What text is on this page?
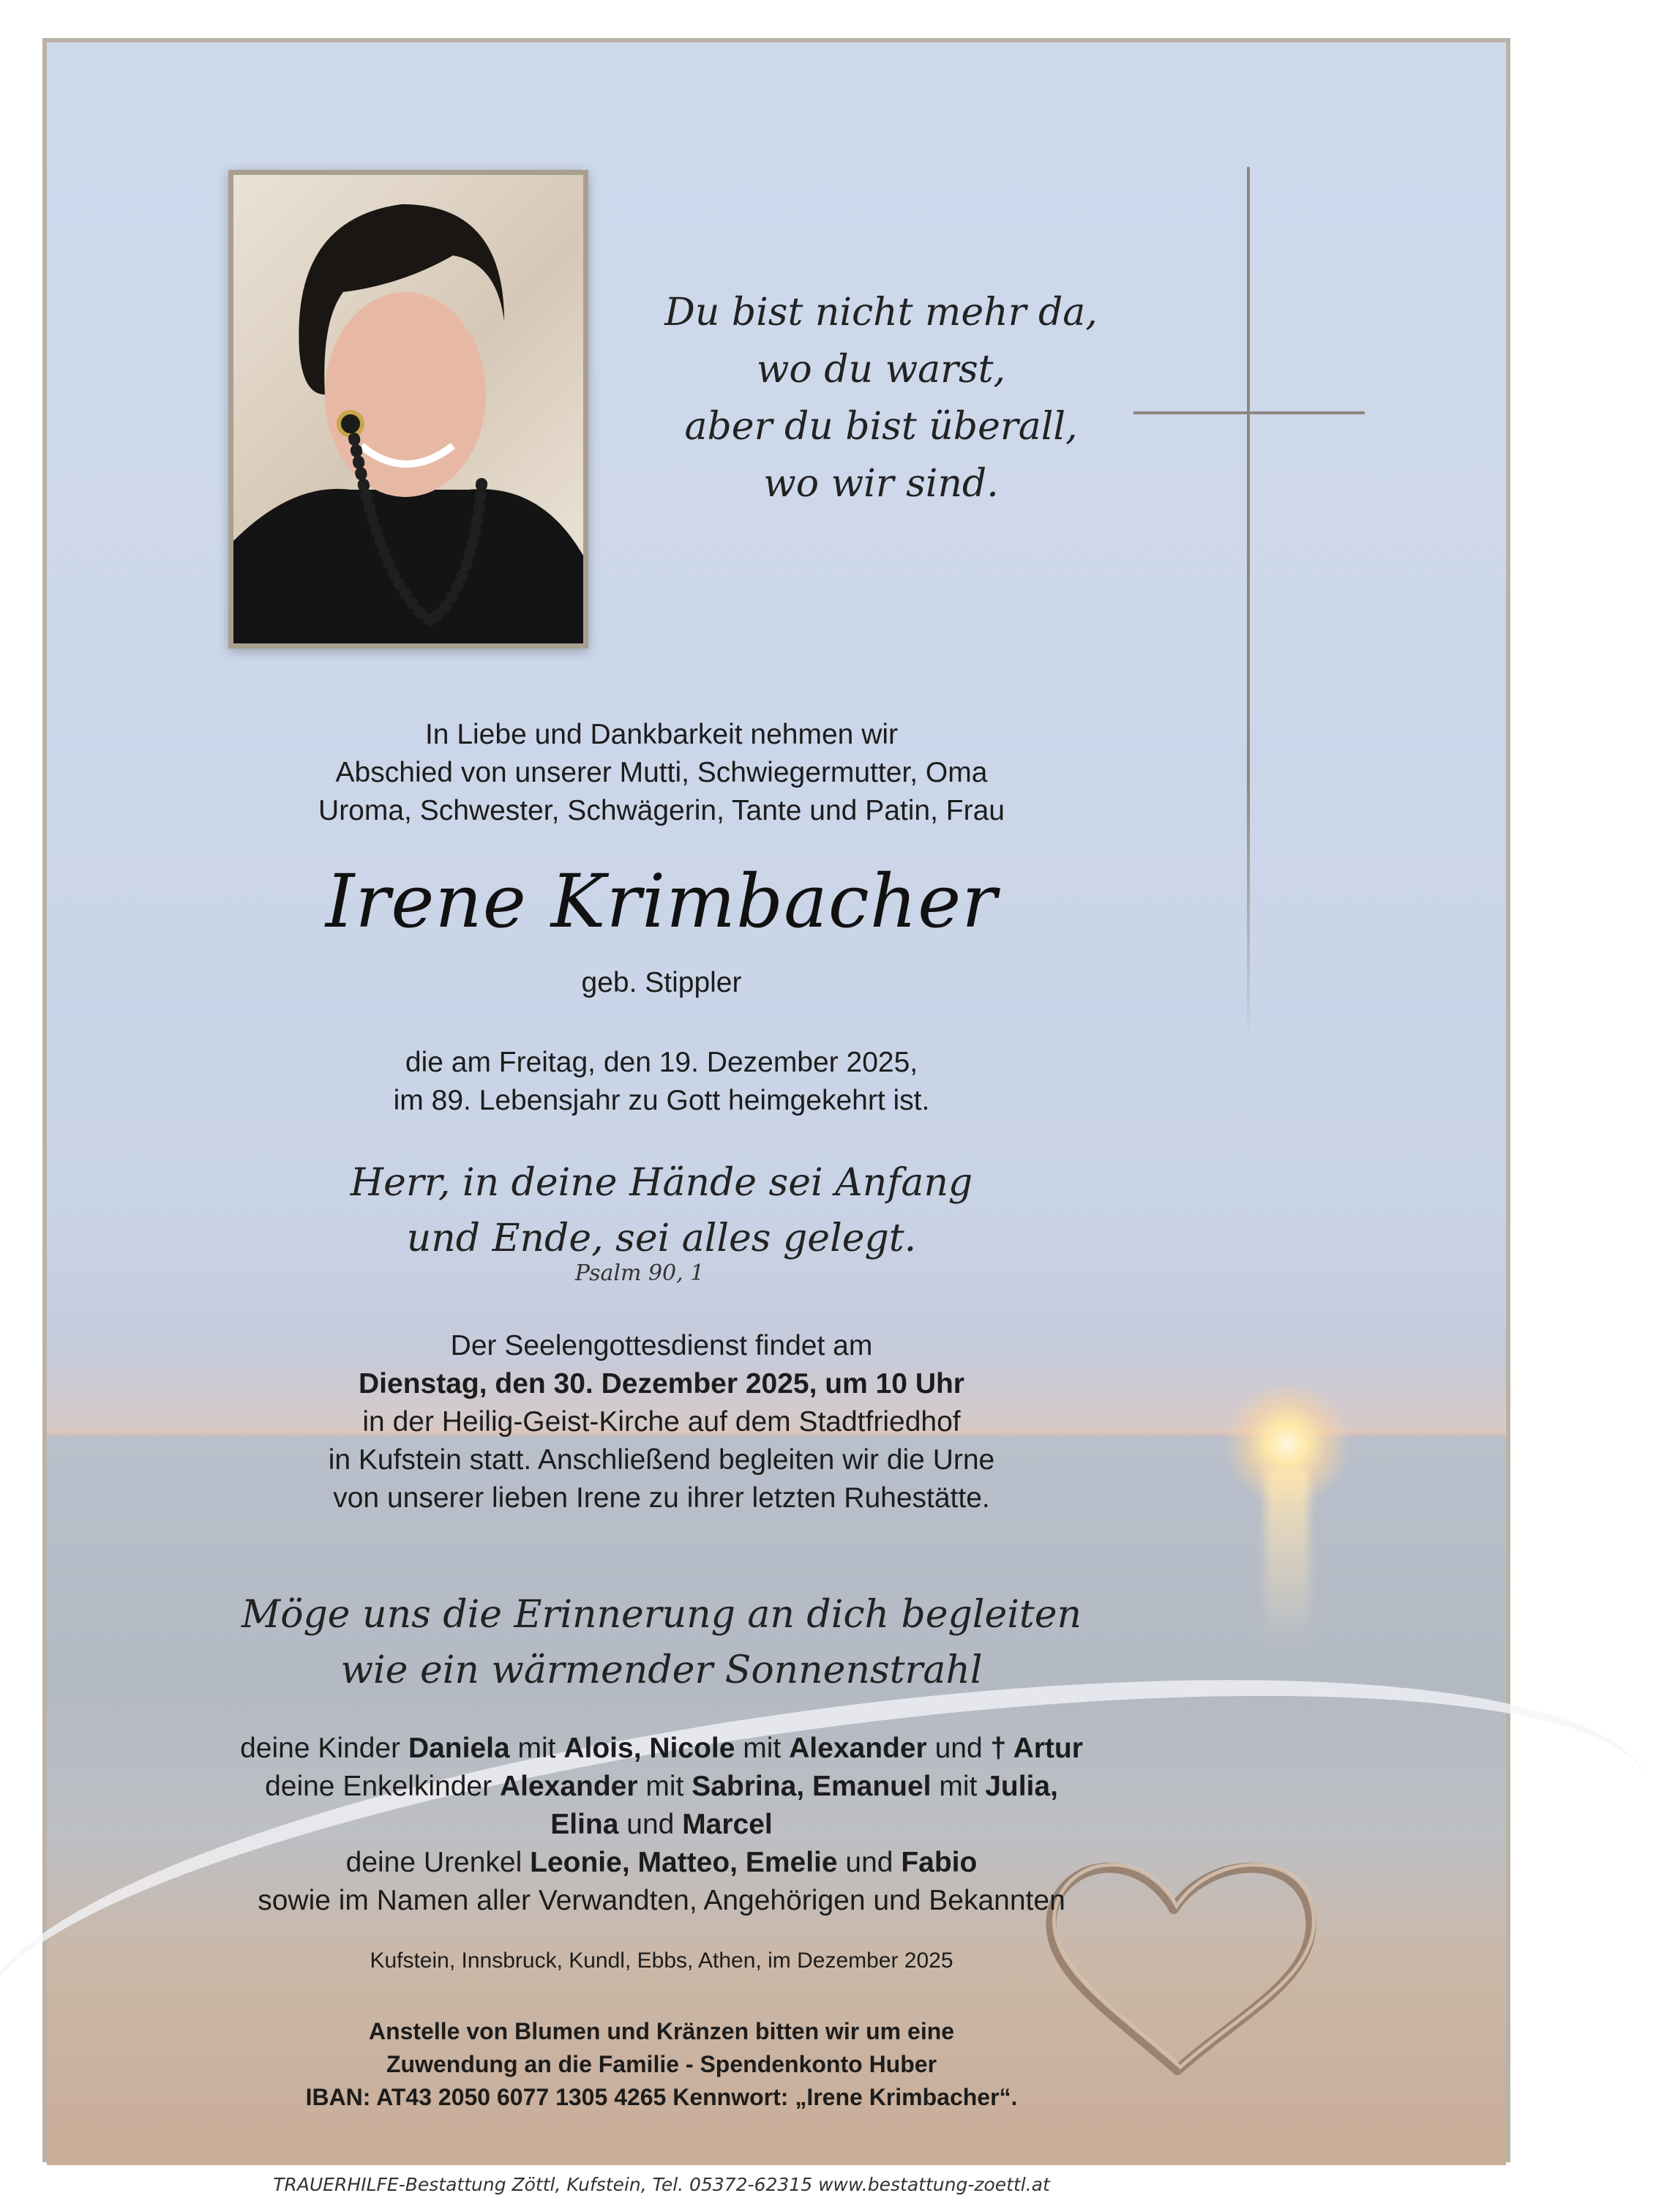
Du bist nicht mehr da,
wo du warst,
aber du bist überall,
wo wir sind.
In Liebe und Dankbarkeit nehmen wir
Abschied von unserer Mutti, Schwiegermutter, Oma
Uroma, Schwester, Schwägerin, Tante und Patin, Frau
Irene Krimbacher
geb. Stippler
die am Freitag, den 19. Dezember 2025,
im 89. Lebensjahr zu Gott heimgekehrt ist.
Herr, in deine Hände sei Anfang
und Ende, sei alles gelegt.
Psalm 90, 1
Der Seelengottesdienst findet am
Dienstag, den 30. Dezember 2025, um 10 Uhr
in der Heilig-Geist-Kirche auf dem Stadtfriedhof
in Kufstein statt. Anschließend begleiten wir die Urne
von unserer lieben Irene zu ihrer letzten Ruhestätte.
Möge uns die Erinnerung an dich begleiten
wie ein wärmender Sonnenstrahl
deine Kinder Daniela mit Alois, Nicole mit Alexander und † Artur
deine Enkelkinder Alexander mit Sabrina, Emanuel mit Julia,
Elina und Marcel
deine Urenkel Leonie, Matteo, Emelie und Fabio
sowie im Namen aller Verwandten, Angehörigen und Bekannten
Kufstein, Innsbruck, Kundl, Ebbs, Athen, im Dezember 2025
Anstelle von Blumen und Kränzen bitten wir um eine
Zuwendung an die Familie - Spendenkonto Huber
IBAN: AT43 2050 6077 1305 4265 Kennwort: „Irene Krimbacher“.
TRAUERHILFE-Bestattung Zöttl, Kufstein, Tel. 05372-62315 www.bestattung-zoettl.at
